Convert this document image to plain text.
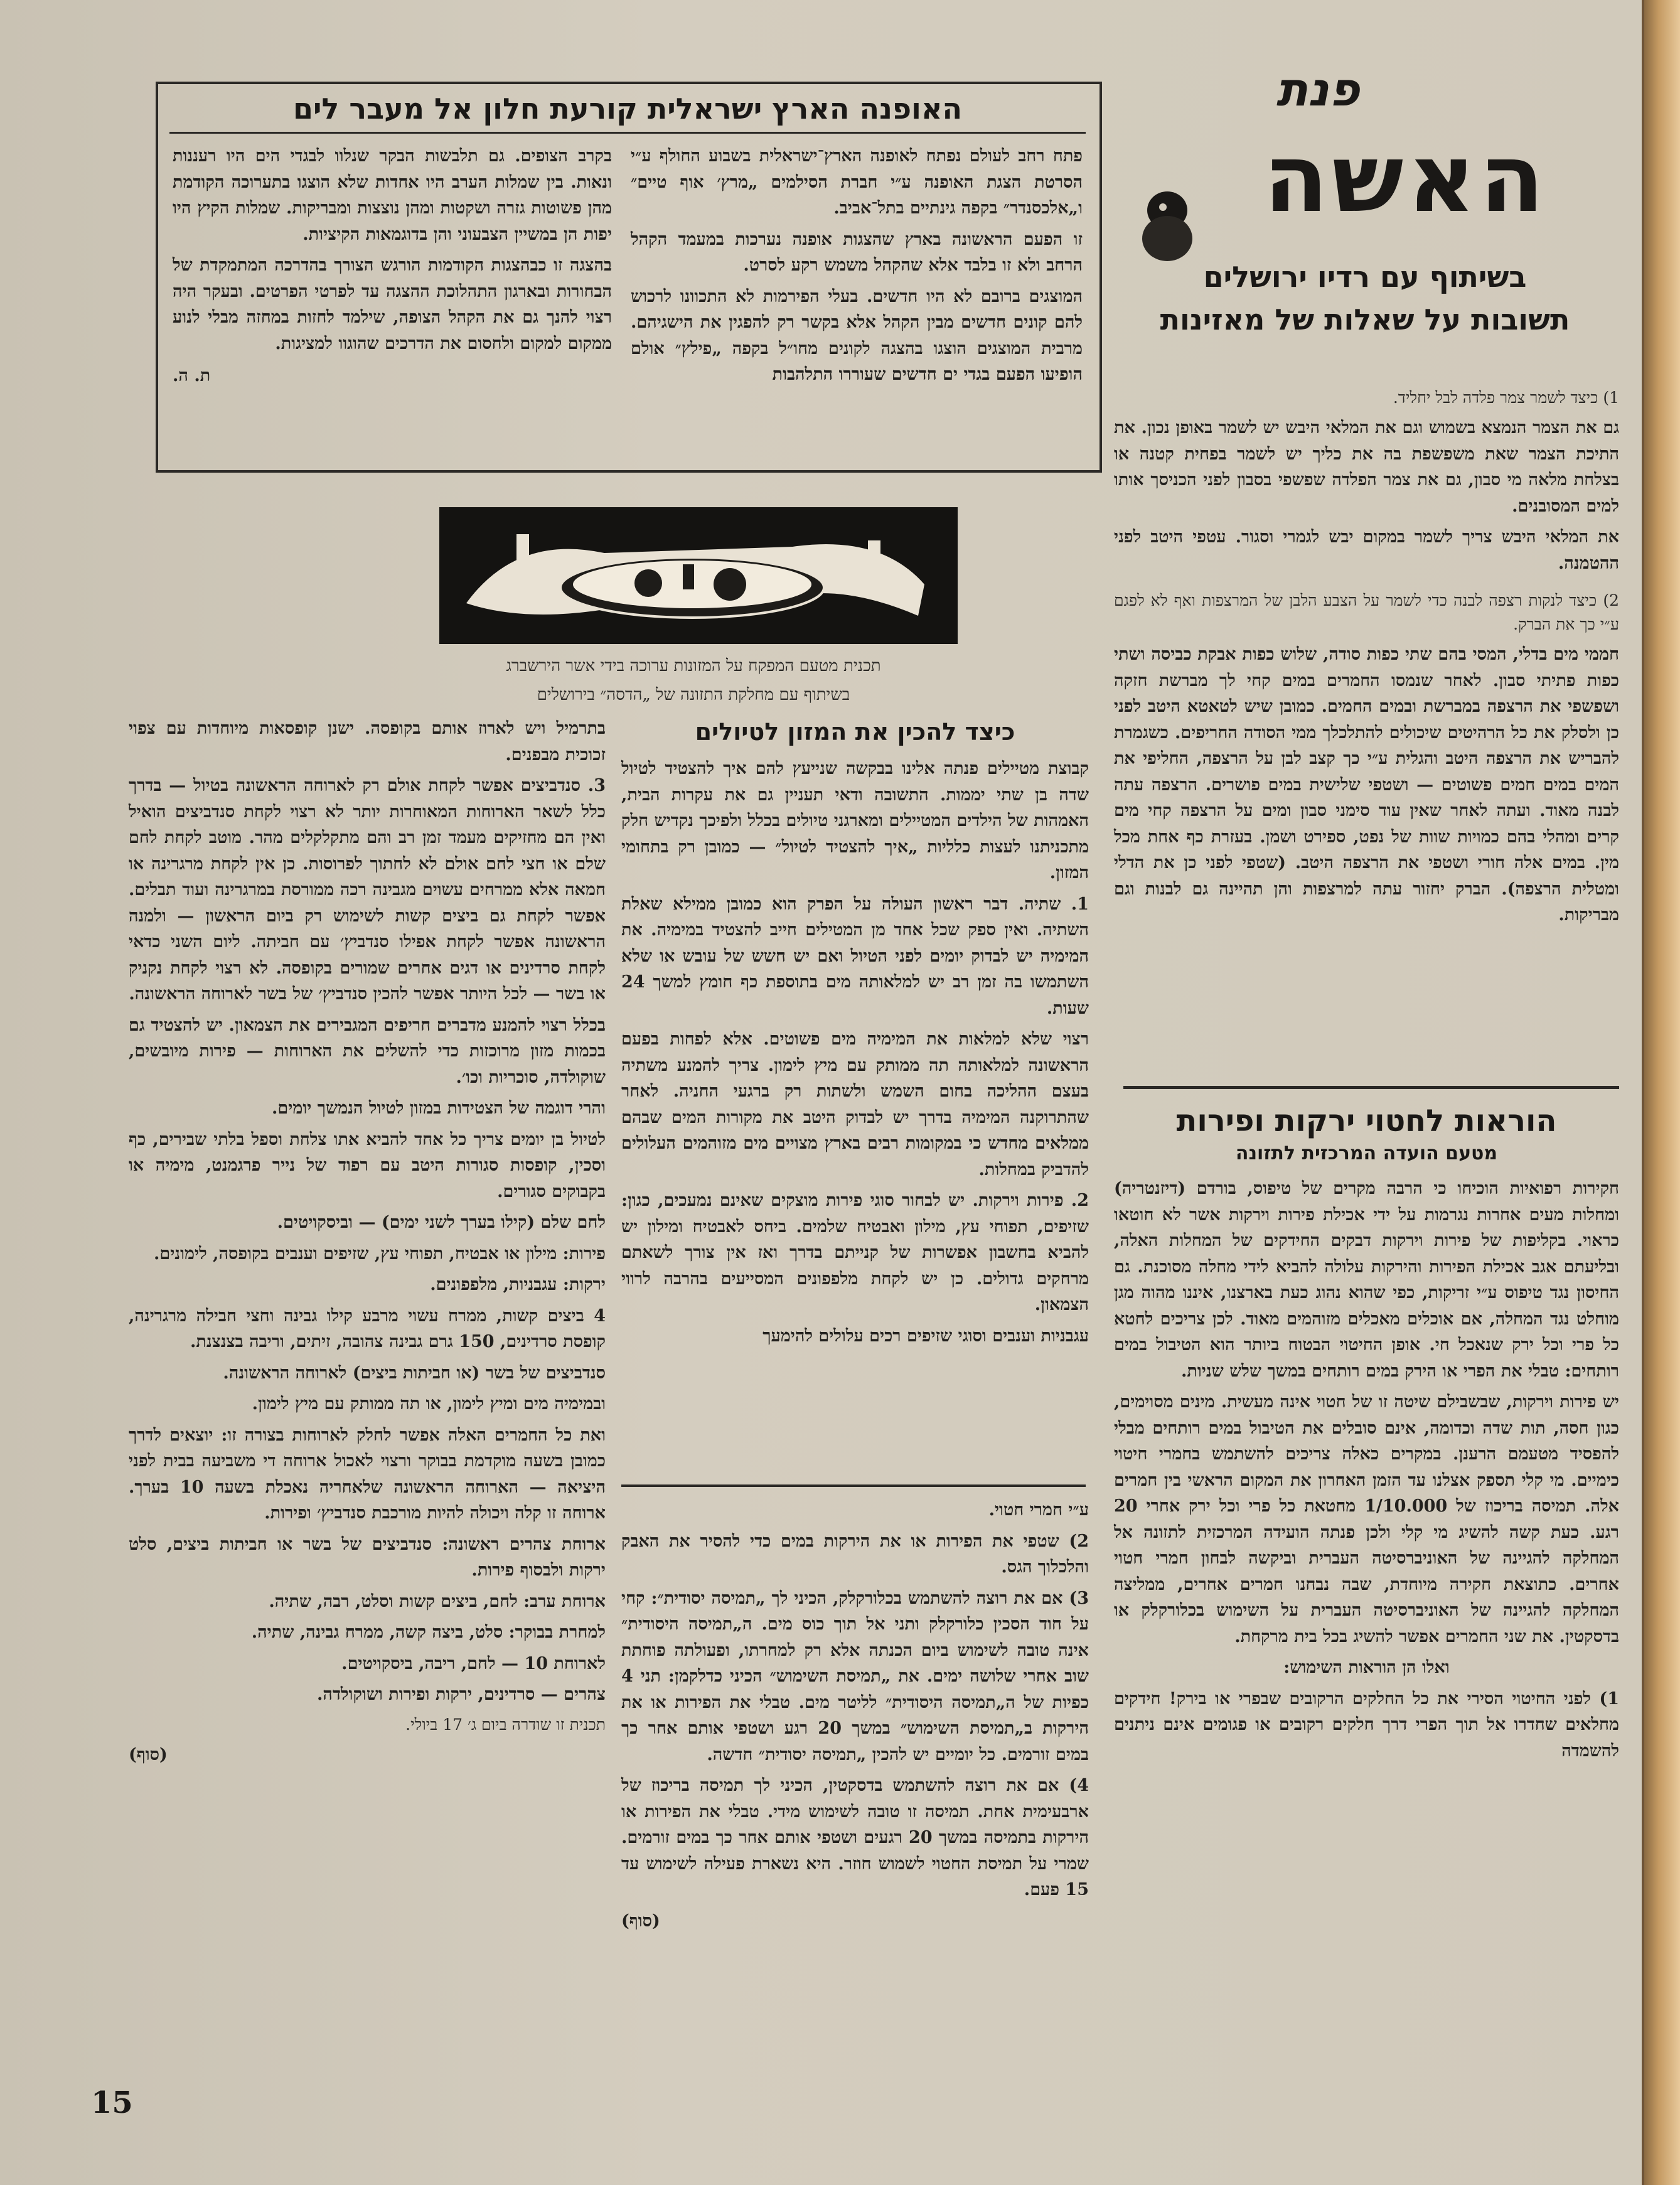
פנת
האשה

בשיתוף עם רדיו ירושלים

תשובות על שאלות של מאזינות

1) כיצד לשמר צמר פלדה לבל יחליד.

גם את הצמר הנמצא בשמוש וגם את המלאי היבש יש לשמר באופן נכון. את התיכת הצמר שאת משפשפת בה את כליך יש לשמר בפחית קטנה או בצלחת מלאה מי סבון, גם את צמר הפלדה שפשפי בסבון לפני הכניסך אותו למים המסובנים.

את המלאי היבש צריך לשמר במקום יבש לגמרי וסגור. עטפי היטב לפני ההטמנה.

2) כיצד לנקות רצפה לבנה כדי לשמר על הצבע הלבן של המרצפות ואף לא לפגם ע״י כך את הברק.

חממי מים בדלי, המסי בהם שתי כפות סודה, שלוש כפות אבקת כביסה ושתי כפות פתיתי סבון. לאחר שנמסו החמרים במים קחי לך מברשת חזקה ושפשפי את הרצפה במברשת ובמים החמים. כמובן שיש לטאטא היטב לפני כן ולסלק את כל הרהיטים שיכולים להתלכלך ממי הסודה החריפים. כשגמרת להבריש את הרצפה היטב והגלית ע״י כך קצב לבן על הרצפה, החליפי את המים במים חמים פשוטים — ושטפי שלישית במים פושרים. הרצפה עתה לבנה מאוד. ועתה לאחר שאין עוד סימני סבון ומים על הרצפה קחי מים קרים ומהלי בהם כמויות שוות של נפט, ספירט ושמן. בעזרת כף אחת מכל מין. במים אלה חורי ושטפי את הרצפה היטב. (שטפי לפני כן את הדלי ומטלית הרצפה). הברק יחזור עתה למרצפות והן תהיינה גם לבנות וגם מבריקות.

הוראות לחטוי ירקות ופירות

מטעם הועדה המרכזית לתזונה

חקירות רפואיות הוכיחו כי הרבה מקרים של טיפוס, בורדם (דיזנטריה) ומחלות מעים אחרות נגרמות על ידי אכילת פירות וירקות אשר לא חוטאו כראוי. בקליפות של פירות וירקות דבקים החידקים של המחלות האלה, ובליעתם אגב אכילת הפירות והירקות עלולה להביא לידי מחלה מסוכנת. גם החיסון נגד טיפוס ע״י זריקות, כפי שהוא נהוג כעת בארצנו, איננו מהוה מגן מוחלט נגד המחלה, אם אוכלים מאכלים מזוהמים מאוד. לכן צריכים לחטא כל פרי וכל ירק שנאכל חי. אופן החיטוי הבטוח ביותר הוא הטיבול במים רותחים: טבלי את הפרי או הירק במים רותחים במשך שלש שניות.

יש פירות וירקות, שבשבילם שיטה זו של חטוי אינה מעשית. מינים מסוימים, כגון חסה, תות שדה וכדומה, אינם סובלים את הטיבול במים רותחים מבלי להפסיד מטעמם הרענן. במקרים כאלה צריכים להשתמש בחמרי חיטוי כימיים. מי קלי תספק אצלנו עד הזמן האחרון את המקום הראשי בין חמרים אלה. תמיסה בריכוז של 1/10.000 מחטאת כל פרי וכל ירק אחרי 20 רגע. כעת קשה להשיג מי קלי ולכן פנתה הועידה המרכזית לתזונה אל המחלקה להגיינה של האוניברסיטה העברית וביקשה לבחון חמרי חטוי אחרים. כתוצאת חקירה מיוחדת, שבה נבחנו חמרים אחרים, ממליצה המחלקה להגיינה של האוניברסיטה העברית על השימוש בכלורקלק או בדסקטין. את שני החמרים אפשר להשיג בכל בית מרקחת.

ואלו הן הוראות השימוש:

1) לפני החיטוי הסירי את כל החלקים הרקובים שבפרי או בירק! חידקים מחלאים שחדרו אל תוך הפרי דרך חלקים רקובים או פגומים אינם ניתנים להשמדה

האופנה הארץ ישראלית קורעת חלון אל מעבר לים

פתח רחב לעולם נפתח לאופנה הארץ־ישראלית בשבוע החולף ע״י הסרטת הצגת האופנה ע״י חברת הסילמים „מרץ׳ אוף טיים״ ו„אלכסנדר״ בקפה גינתיים בתל־אביב.

זו הפעם הראשונה בארץ שהצגות אופנה נערכות במעמד הקהל הרחב ולא זו בלבד אלא שהקהל משמש רקע לסרט.

המוצגים ברובם לא היו חדשים. בעלי הפירמות לא התכוונו לרכוש להם קונים חדשים מבין הקהל אלא בקשר רק להפגין את הישגיהם. מרבית המוצגים הוצגו בהצגה לקונים מחו״ל בקפה „פילץ״ אולם הופיעו הפעם בגדי ים חדשים שעוררו התלהבות

בקרב הצופים. גם תלבשות הבקר שנלוו לבגדי הים היו רעננות ונאות. בין שמלות הערב היו אחדות שלא הוצגו בתערוכה הקודמת מהן פשוטות גזרה ושקטות ומהן נוצצות ומבריקות. שמלות הקיץ היו יפות הן במשיין הצבעוני והן בדוגמאות הקיציות.

בהצגה זו כבהצגות הקודמות הורגש הצורך בהדרכה המתמקדת של הבחורות ובארגון התהלוכת ההצגה עד לפרטי הפרטים. ובעקר היה רצוי להנך גם את הקהל הצופה, שילמד לחזות במחזה מבלי לנוע ממקום למקום ולחסום את הדרכים שהוגוו למציגות.

ת. ה.

תכנית מטעם המפקח על המזונות ערוכה בידי אשר הירשברג

בשיתוף עם מחלקת התזונה של „הדסה״ בירושלים

כיצד להכין את המזון לטיולים

קבוצת מטיילים פנתה אלינו בבקשה שנייעץ להם איך להצטיד לטיול שדה בן שתי יממות. התשובה ודאי תעניין גם את עקרות הבית, האמהות של הילדים המטיילים ומארגני טיולים בכלל ולפיכך נקדיש חלק מתכניתנו לעצות כלליות „איך להצטיד לטיול״ — כמובן רק בתחומי המזון.

1. שתיה. דבר ראשון העולה על הפרק הוא כמובן ממילא שאלת השתיה. ואין ספק שכל אחד מן המטילים חייב להצטיד במימיה. את המימיה יש לבדוק יומים לפני הטיול ואם יש חשש של עובש או שלא השתמשו בה זמן רב יש למלאותה מים בתוספת כף חומץ למשך 24 שעות.

רצוי שלא למלאות את המימיה מים פשוטים. אלא לפחות בפעם הראשונה למלאותה תה ממותק עם מיץ לימון. צריך להמנע משתיה בעצם ההליכה בחום השמש ולשתות רק ברגעי החניה. לאחר שהתרוקנה המימיה בדרך יש לבדוק היטב את מקורות המים שבהם ממלאים מחדש כי במקומות רבים בארץ מצויים מים מזוהמים העלולים להדביק במחלות.

2. פירות וירקות. יש לבחור סוגי פירות מוצקים שאינם נמעכים, כגון: שזיפים, תפוחי עץ, מילון ואבטיח שלמים. ביחס לאבטיח ומילון יש להביא בחשבון אפשרות של קנייתם בדרך ואז אין צורך לשאתם מרחקים גדולים. כן יש לקחת מלפפונים המסייעים בהרבה לרווי הצמאון.

עגבניות וענבים וסוגי שזיפים רכים עלולים להימעך

ע״י חמרי חטוי.

2) שטפי את הפירות או את הירקות במים כדי להסיר את האבק והלכלוך הגס.

3) אם את רוצה להשתמש בכלורקלק, הכיני לך „תמיסה יסודית״: קחי על חוד הסכין כלורקלק ותני אל תוך כוס מים. ה„תמיסה היסודית״ אינה טובה לשימוש ביום הכנתה אלא רק למחרתו, ופעולתה פוחתת שוב אחרי שלושה ימים. את „תמיסת השימוש״ הכיני כדלקמן: תני 4 כפיות של ה„תמיסה היסודית״ לליטר מים. טבלי את הפירות או את הירקות ב„תמיסת השימוש״ במשך 20 רגע ושטפי אותם אחר כך במים זורמים. כל יומיים יש להכין „תמיסה יסודית״ חדשה.

4) אם את רוצה להשתמש בדסקטין, הכיני לך תמיסה בריכוז של ארבעימית אחת. תמיסה זו טובה לשימוש מידי. טבלי את הפירות או הירקות בתמיסה במשך 20 רגעים ושטפי אותם אחר כך במים זורמים. שמרי על תמיסת החטוי לשמוש חוזר. היא נשארת פעילה לשימוש עד 15 פעם.

(סוף)

בתרמיל ויש לארוז אותם בקופסה. ישנן קופסאות מיוחדות עם צפוי זכוכית מבפנים.

3. סנדביצים אפשר לקחת אולם רק לארוחה הראשונה בטיול — בדרך כלל לשאר הארוחות המאוחרות יותר לא רצוי לקחת סנדביצים הואיל ואין הם מחזיקים מעמד זמן רב והם מתקלקלים מהר. מוטב לקחת לחם שלם או חצי לחם אולם לא לחתוך לפרוסות. כן אין לקחת מרגרינה או חמאה אלא ממרחים עשוים מגבינה רכה ממורסת במרגרינה ועוד תבלים. אפשר לקחת גם ביצים קשות לשימוש רק ביום הראשון — ולמנה הראשונה אפשר לקחת אפילו סנדביץ׳ עם חביתה. ליום השני כדאי לקחת סרדינים או דגים אחרים שמורים בקופסה. לא רצוי לקחת נקניק או בשר — לכל היותר אפשר להכין סנדביץ׳ של בשר לארוחה הראשונה.

בכלל רצוי להמנע מדברים חריפים המגבירים את הצמאון. יש להצטיד גם בכמות מזון מרוכזות כדי להשלים את הארוחות — פירות מיובשים, שוקולדה, סוכריות וכו׳.

והרי דוגמה של הצטידות במזון לטיול הנמשך יומים.

לטיול בן יומים צריך כל אחד להביא אתו צלחת וספל בלתי שבירים, כף וסכין, קופסות סגורות היטב עם רפוד של נייר פרגמנט, מימיה או בקבוקים סגורים.

לחם שלם (קילו בערך לשני ימים) — וביסקויטים.

פירות: מילון או אבטיח, תפוחי עץ, שזיפים וענבים בקופסה, לימונים.

ירקות: עגבניות, מלפפונים.

4 ביצים קשות, ממרח עשוי מרבע קילו גבינה וחצי חבילה מרגרינה, קופסת סרדינים, 150 גרם גבינה צהובה, זיתים, וריבה בצנצנת.

סנדביצים של בשר (או חביתות ביצים) לארוחה הראשונה.

ובמימיה מים ומיץ לימון, או תה ממותק עם מיץ לימון.

ואת כל החמרים האלה אפשר לחלק לארוחות בצורה זו: יוצאים לדרך כמובן בשעה מוקדמת בבוקר ורצוי לאכול ארוחה די משביעה בבית לפני היציאה — הארוחה הראשונה שלאחריה נאכלת בשעה 10 בערך. ארוחה זו קלה ויכולה להיות מורכבת סנדביץ׳ ופירות.

ארוחת צהרים ראשונה: סנדביצים של בשר או חביתות ביצים, סלט ירקות ולבסוף פירות.

ארוחת ערב: לחם, ביצים קשות וסלט, רבה, שתיה.

למחרת בבוקר: סלט, ביצה קשה, ממרח גבינה, שתיה.

לארוחת 10 — לחם, ריבה, ביסקויטים.

צהרים — סרדינים, ירקות ופירות ושוקולדה.

תכנית זו שודרה ביום ג׳ 17 ביולי.

(סוף)

15
